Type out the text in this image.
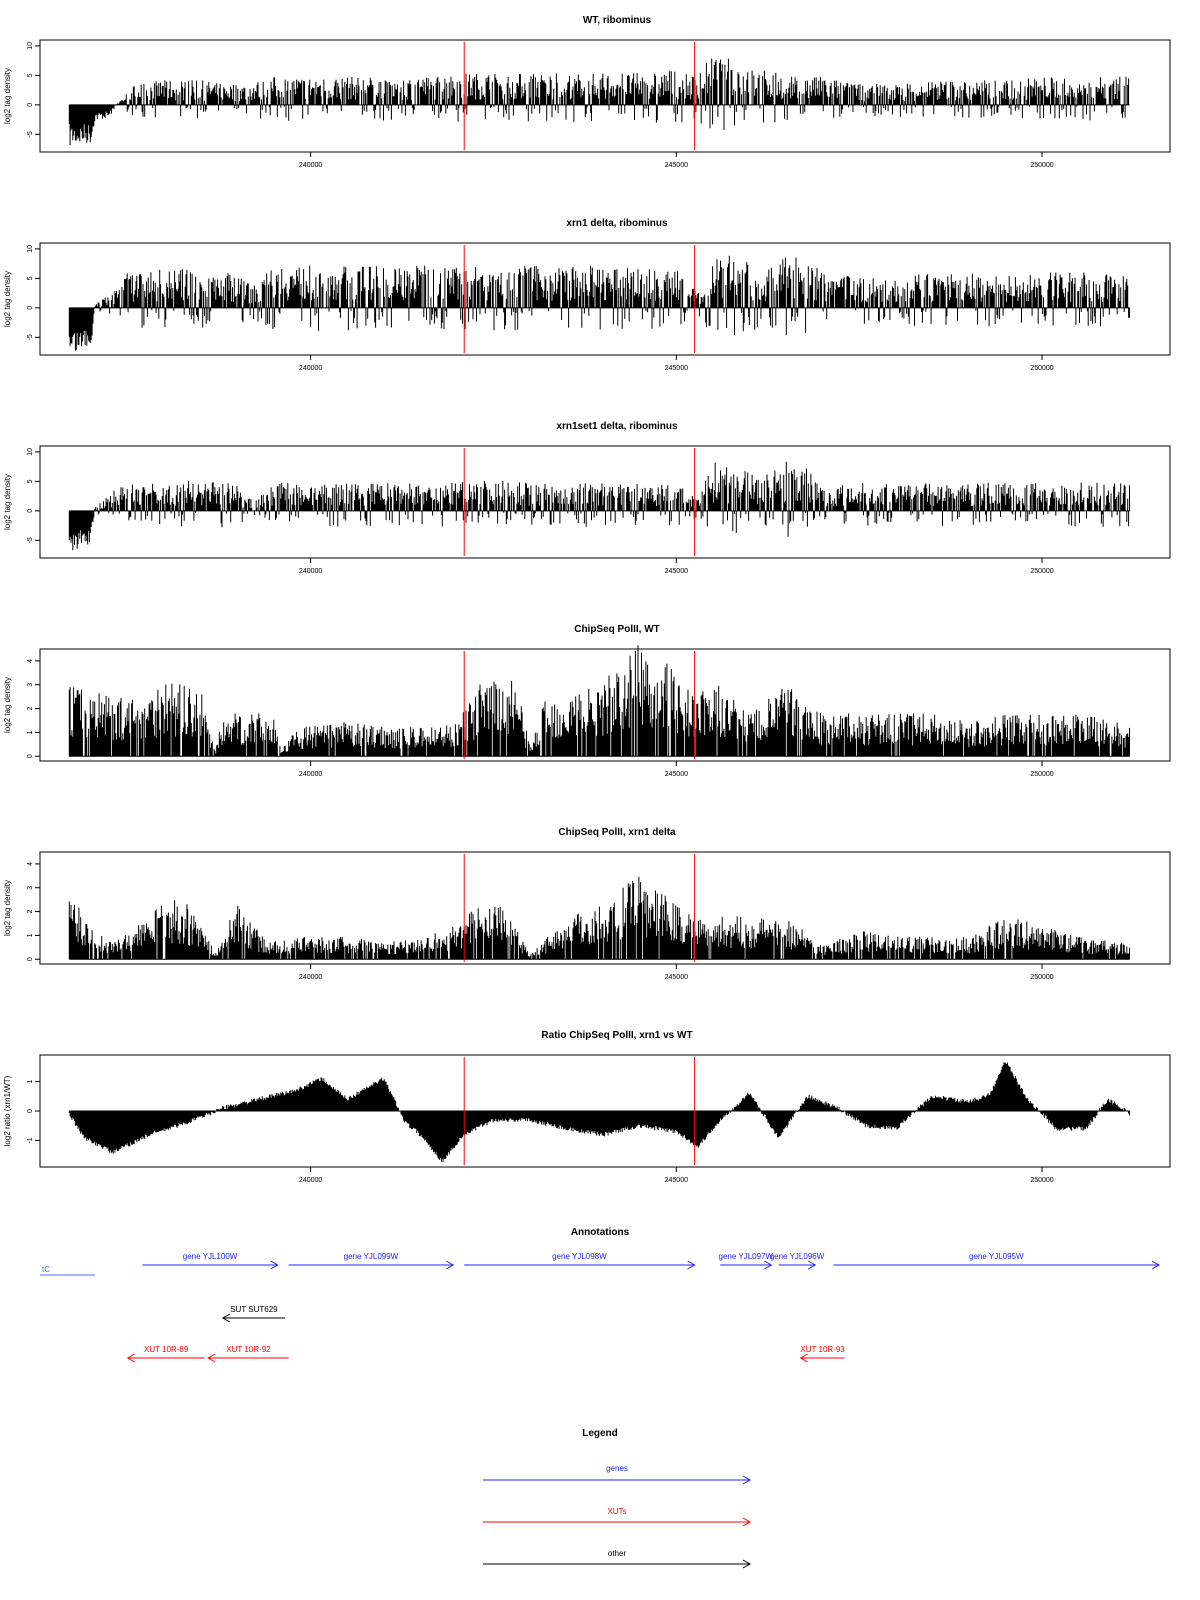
WT, ribominus
log2 tag density
-5
0
5
10
240000	245000	250000
xrn1 delta, ribominus
log2 tag density
-5
0
5
10
240000	245000	250000
xrn1set1 delta, ribominus
log2 tag density
-5
0
5
10
240000	245000	250000
ChipSeq PolII, WT
log2 tag density
0
1
2
3
4
240000	245000	250000
ChipSeq PolII, xrn1 delta
log2 tag density
0
1
2
3
4
240000	245000	250000
Ratio ChipSeq PolII, xrn1 vs WT
log2 ratio (xrn1/WT) -1
0
1
240000	245000	250000
Annotations
tC
gene YJL100W	gene YJL099W	gene YJL098W	gene YJL097W
gene YJL096W	gene YJL095W
SUT SUT629
XUT 10R-89	XUT 10R-92	XUT 10R-93
Legend
genes
XUTs
other
